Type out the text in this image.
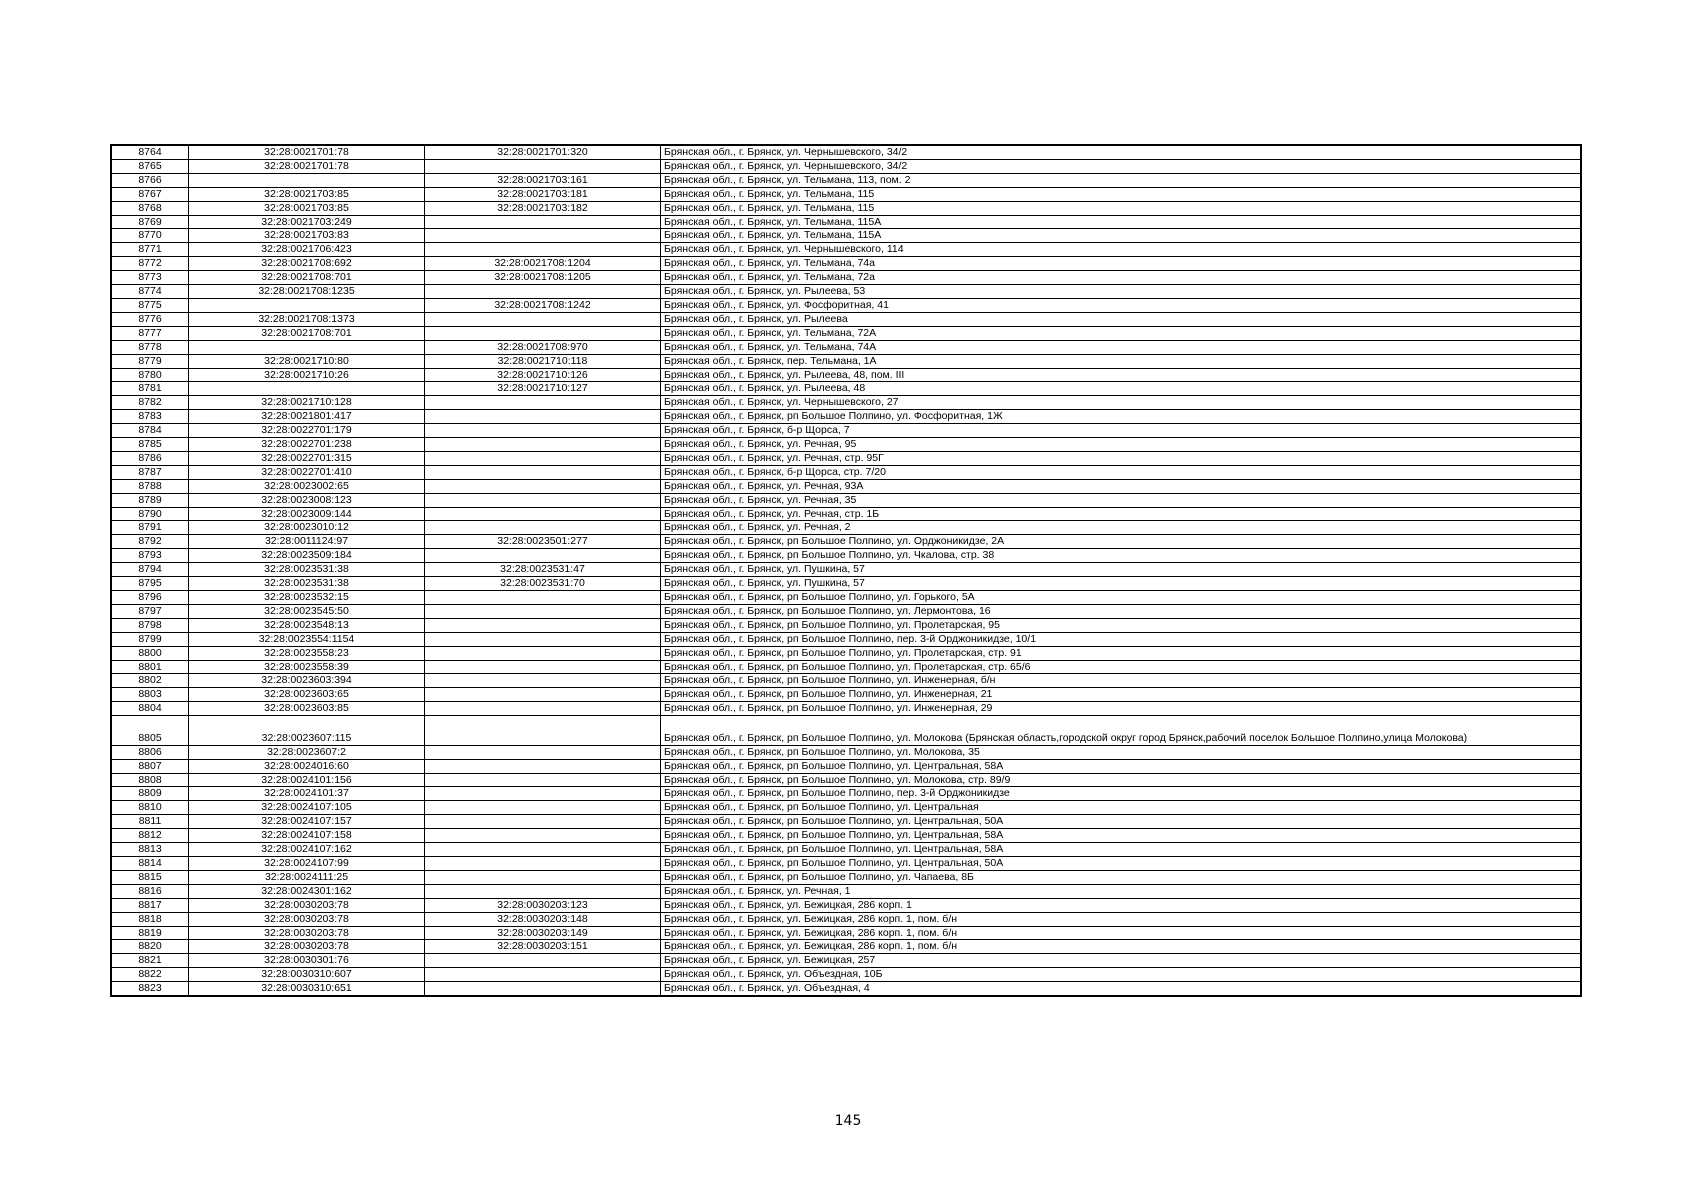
8764	32:28:0021701:78	32:28:0021701:320	Брянская обл., г. Брянск, ул. Чернышевского, 34/2
8765	32:28:0021701:78		Брянская обл., г. Брянск, ул. Чернышевского, 34/2
8766		32:28:0021703:161	Брянская обл., г. Брянск, ул. Тельмана, 113, пом. 2
8767	32:28:0021703:85	32:28:0021703:181	Брянская обл., г. Брянск, ул. Тельмана, 115
8768	32:28:0021703:85	32:28:0021703:182	Брянская обл., г. Брянск, ул. Тельмана, 115
8769	32:28:0021703:249		Брянская обл., г. Брянск, ул. Тельмана, 115А
8770	32:28:0021703:83		Брянская обл., г. Брянск, ул. Тельмана, 115А
8771	32:28:0021706:423		Брянская обл., г. Брянск, ул. Чернышевского, 114
8772	32:28:0021708:692	32:28:0021708:1204	Брянская обл., г. Брянск, ул. Тельмана, 74а
8773	32:28:0021708:701	32:28:0021708:1205	Брянская обл., г. Брянск, ул. Тельмана, 72а
8774	32:28:0021708:1235		Брянская обл., г. Брянск, ул. Рылеева, 53
8775		32:28:0021708:1242	Брянская обл., г. Брянск, ул. Фосфоритная, 41
8776	32:28:0021708:1373		Брянская обл., г. Брянск, ул. Рылеева
8777	32:28:0021708:701		Брянская обл., г. Брянск, ул. Тельмана, 72А
8778		32:28:0021708:970	Брянская обл., г. Брянск, ул. Тельмана, 74А
8779	32:28:0021710:80	32:28:0021710:118	Брянская обл., г. Брянск, пер. Тельмана, 1А
8780	32:28:0021710:26	32:28:0021710:126	Брянская обл., г. Брянск, ул. Рылеева, 48, пом. III
8781		32:28:0021710:127	Брянская обл., г. Брянск, ул. Рылеева, 48
8782	32:28:0021710:128		Брянская обл., г. Брянск, ул. Чернышевского, 27
8783	32:28:0021801:417		Брянская обл., г. Брянск, рп Большое Полпино, ул. Фосфоритная, 1Ж
8784	32:28:0022701:179		Брянская обл., г. Брянск, б-р Щорса, 7
8785	32:28:0022701:238		Брянская обл., г. Брянск, ул. Речная, 95
8786	32:28:0022701:315		Брянская обл., г. Брянск, ул. Речная, стр. 95Г
8787	32:28:0022701:410		Брянская обл., г. Брянск, б-р Щорса, стр. 7/20
8788	32:28:0023002:65		Брянская обл., г. Брянск, ул. Речная, 93А
8789	32:28:0023008:123		Брянская обл., г. Брянск, ул. Речная, 35
8790	32:28:0023009:144		Брянская обл., г. Брянск, ул. Речная, стр. 1Б
8791	32:28:0023010:12		Брянская обл., г. Брянск, ул. Речная, 2
8792	32:28:0011124:97	32:28:0023501:277	Брянская обл., г. Брянск, рп Большое Полпино, ул. Орджоникидзе, 2А
8793	32:28:0023509:184		Брянская обл., г. Брянск, рп Большое Полпино, ул. Чкалова, стр. 38
8794	32:28:0023531:38	32:28:0023531:47	Брянская обл., г. Брянск, ул. Пушкина, 57
8795	32:28:0023531:38	32:28:0023531:70	Брянская обл., г. Брянск, ул. Пушкина, 57
8796	32:28:0023532:15		Брянская обл., г. Брянск, рп Большое Полпино, ул. Горького, 5А
8797	32:28:0023545:50		Брянская обл., г. Брянск, рп Большое Полпино, ул. Лермонтова, 16
8798	32:28:0023548:13		Брянская обл., г. Брянск, рп Большое Полпино, ул. Пролетарская, 95
8799	32:28:0023554:1154		Брянская обл., г. Брянск, рп Большое Полпино, пер. 3-й Орджоникидзе, 10/1
8800	32:28:0023558:23		Брянская обл., г. Брянск, рп Большое Полпино, ул. Пролетарская, стр. 91
8801	32:28:0023558:39		Брянская обл., г. Брянск, рп Большое Полпино, ул. Пролетарская, стр. 65/6
8802	32:28:0023603:394		Брянская обл., г. Брянск, рп Большое Полпино, ул. Инженерная, б/н
8803	32:28:0023603:65		Брянская обл., г. Брянск, рп Большое Полпино, ул. Инженерная, 21
8804	32:28:0023603:85		Брянская обл., г. Брянск, рп Большое Полпино, ул. Инженерная, 29
8805	32:28:0023607:115		Брянская обл., г. Брянск, рп Большое Полпино, ул. Молокова (Брянская область,городской округ город Брянск,рабочий поселок Большое Полпино,улица Молокова)
8806	32:28:0023607:2		Брянская обл., г. Брянск, рп Большое Полпино, ул. Молокова, 35
8807	32:28:0024016:60		Брянская обл., г. Брянск, рп Большое Полпино, ул. Центральная, 58А
8808	32:28:0024101:156		Брянская обл., г. Брянск, рп Большое Полпино, ул. Молокова, стр. 89/9
8809	32:28:0024101:37		Брянская обл., г. Брянск, рп Большое Полпино, пер. 3-й Орджоникидзе
8810	32:28:0024107:105		Брянская обл., г. Брянск, рп Большое Полпино, ул. Центральная
8811	32:28:0024107:157		Брянская обл., г. Брянск, рп Большое Полпино, ул. Центральная, 50А
8812	32:28:0024107:158		Брянская обл., г. Брянск, рп Большое Полпино, ул. Центральная, 58А
8813	32:28:0024107:162		Брянская обл., г. Брянск, рп Большое Полпино, ул. Центральная, 58А
8814	32:28:0024107:99		Брянская обл., г. Брянск, рп Большое Полпино, ул. Центральная, 50А
8815	32:28:0024111:25		Брянская обл., г. Брянск, рп Большое Полпино, ул. Чапаева, 8Б
8816	32:28:0024301:162		Брянская обл., г. Брянск, ул. Речная, 1
8817	32:28:0030203:78	32:28:0030203:123	Брянская обл., г. Брянск, ул. Бежицкая, 286 корп. 1
8818	32:28:0030203:78	32:28:0030203:148	Брянская обл., г. Брянск, ул. Бежицкая, 286 корп. 1, пом. б/н
8819	32:28:0030203:78	32:28:0030203:149	Брянская обл., г. Брянск, ул. Бежицкая, 286 корп. 1, пом. б/н
8820	32:28:0030203:78	32:28:0030203:151	Брянская обл., г. Брянск, ул. Бежицкая, 286 корп. 1, пом. б/н
8821	32:28:0030301:76		Брянская обл., г. Брянск, ул. Бежицкая, 257
8822	32:28:0030310:607		Брянская обл., г. Брянск, ул. Объездная, 10Б
8823	32:28:0030310:651		Брянская обл., г. Брянск, ул. Объездная, 4
145
